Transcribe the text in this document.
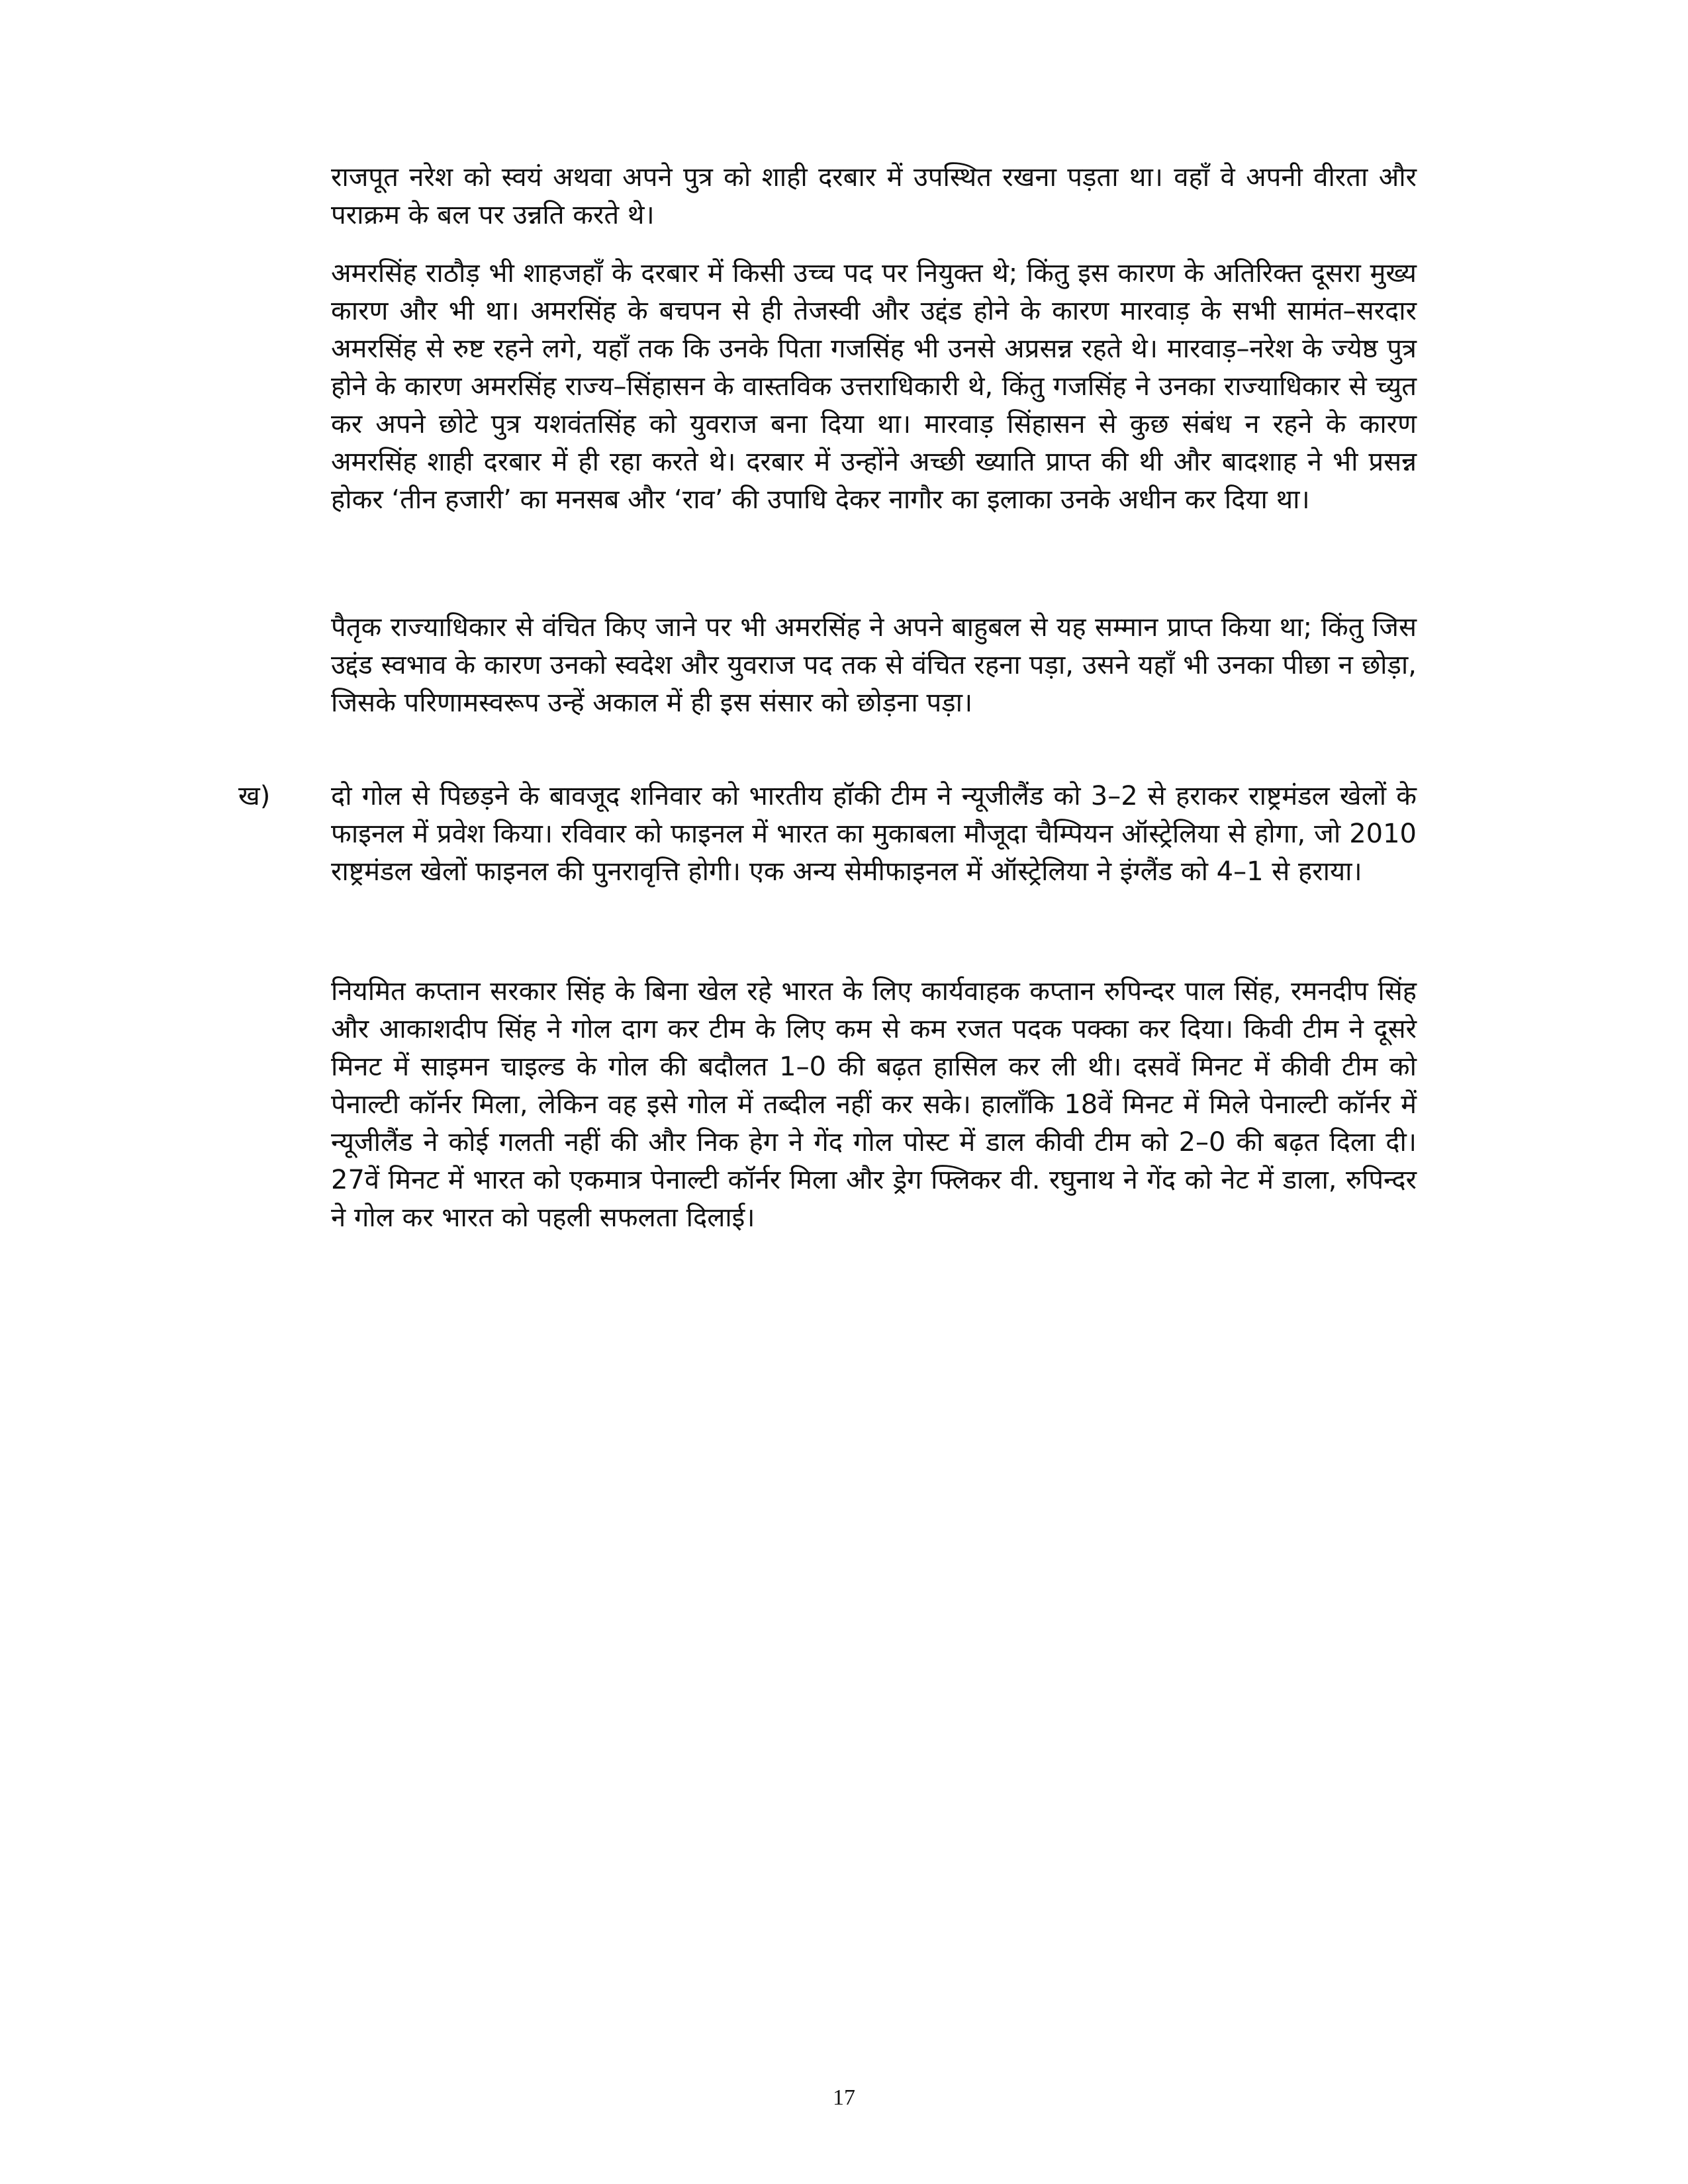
राजपूत नरेश को स्वयं अथवा अपने पुत्र को शाही दरबार में उपस्थित रखना पड़ता था। वहाँ वे अपनी वीरता और पराक्रम के बल पर उन्नति करते थे।

अमरसिंह राठौड़ भी शाहजहाँ के दरबार में किसी उच्च पद पर नियुक्त थे; किंतु इस कारण के अतिरिक्त दूसरा मुख्य कारण और भी था। अमरसिंह के बचपन से ही तेजस्वी और उद्दंड होने के कारण मारवाड़ के सभी सामंत–सरदार अमरसिंह से रुष्ट रहने लगे, यहाँ तक कि उनके पिता गजसिंह भी उनसे अप्रसन्न रहते थे। मारवाड़–नरेश के ज्येष्ठ पुत्र होने के कारण अमरसिंह राज्य–सिंहासन के वास्तविक उत्तराधिकारी थे, किंतु गजसिंह ने उनका राज्याधिकार से च्युत कर अपने छोटे पुत्र यशवंतसिंह को युवराज बना दिया था। मारवाड़ सिंहासन से कुछ संबंध न रहने के कारण अमरसिंह शाही दरबार में ही रहा करते थे। दरबार में उन्होंने अच्छी ख्याति प्राप्त की थी और बादशाह ने भी प्रसन्न होकर ‘तीन हजारी’ का मनसब और ‘राव’ की उपाधि देकर नागौर का इलाका उनके अधीन कर दिया था।

पैतृक राज्याधिकार से वंचित किए जाने पर भी अमरसिंह ने अपने बाहुबल से यह सम्मान प्राप्त किया था; किंतु जिस उद्दंड स्वभाव के कारण उनको स्वदेश और युवराज पद तक से वंचित रहना पड़ा, उसने यहाँ भी उनका पीछा न छोड़ा, जिसके परिणामस्वरूप उन्हें अकाल में ही इस संसार को छोड़ना पड़ा।

ख) दो गोल से पिछड़ने के बावजूद शनिवार को भारतीय हॉकी टीम ने न्यूजीलैंड को 3–2 से हराकर राष्ट्रमंडल खेलों के फाइनल में प्रवेश किया। रविवार को फाइनल में भारत का मुकाबला मौजूदा चैम्पियन ऑस्ट्रेलिया से होगा, जो 2010 राष्ट्रमंडल खेलों फाइनल की पुनरावृत्ति होगी। एक अन्य सेमीफाइनल में ऑस्ट्रेलिया ने इंग्लैंड को 4–1 से हराया।

नियमित कप्तान सरकार सिंह के बिना खेल रहे भारत के लिए कार्यवाहक कप्तान रुपिन्दर पाल सिंह, रमनदीप सिंह और आकाशदीप सिंह ने गोल दाग कर टीम के लिए कम से कम रजत पदक पक्का कर दिया। किवी टीम ने दूसरे मिनट में साइमन चाइल्ड के गोल की बदौलत 1–0 की बढ़त हासिल कर ली थी। दसवें मिनट में कीवी टीम को पेनाल्टी कॉर्नर मिला, लेकिन वह इसे गोल में तब्दील नहीं कर सके। हालाँकि 18वें मिनट में मिले पेनाल्टी कॉर्नर में न्यूजीलैंड ने कोई गलती नहीं की और निक हेग ने गेंद गोल पोस्ट में डाल कीवी टीम को 2–0 की बढ़त दिला दी। 27वें मिनट में भारत को एकमात्र पेनाल्टी कॉर्नर मिला और ड्रेग फ्लिकर वी. रघुनाथ ने गेंद को नेट में डाला, रुपिन्दर ने गोल कर भारत को पहली सफलता दिलाई।

17
